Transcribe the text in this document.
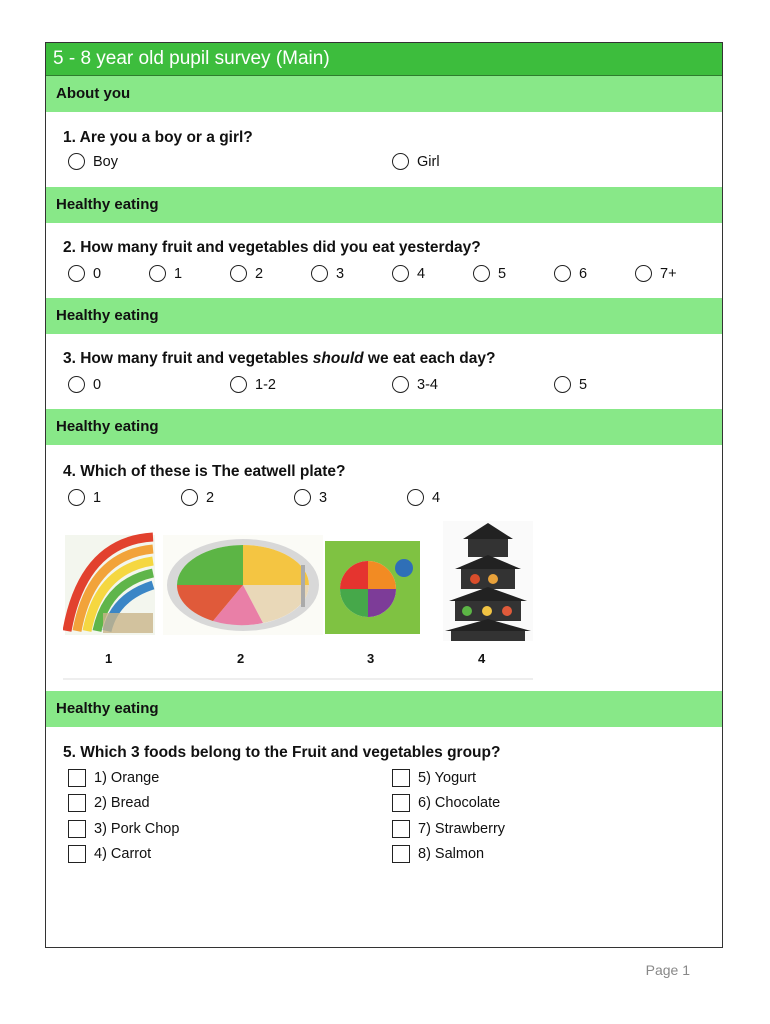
5 - 8 year old pupil survey (Main)
About you
1. Are you a boy or a girl?
Boy	Girl
Healthy eating
2. How many fruit and vegetables did you eat yesterday?
0	1	2	3	4	5	6	7+
Healthy eating
3. How many fruit and vegetables should we eat each day?
0	1-2	3-4	5
Healthy eating
4. Which of these is The eatwell plate?
1	2	3	4
1	2	3	4
Healthy eating
5. Which 3 foods belong to the Fruit and vegetables group?
1) Orange
2) Bread
3) Pork Chop
4) Carrot
5) Yogurt
6) Chocolate
7) Strawberry
8) Salmon
Page 1
